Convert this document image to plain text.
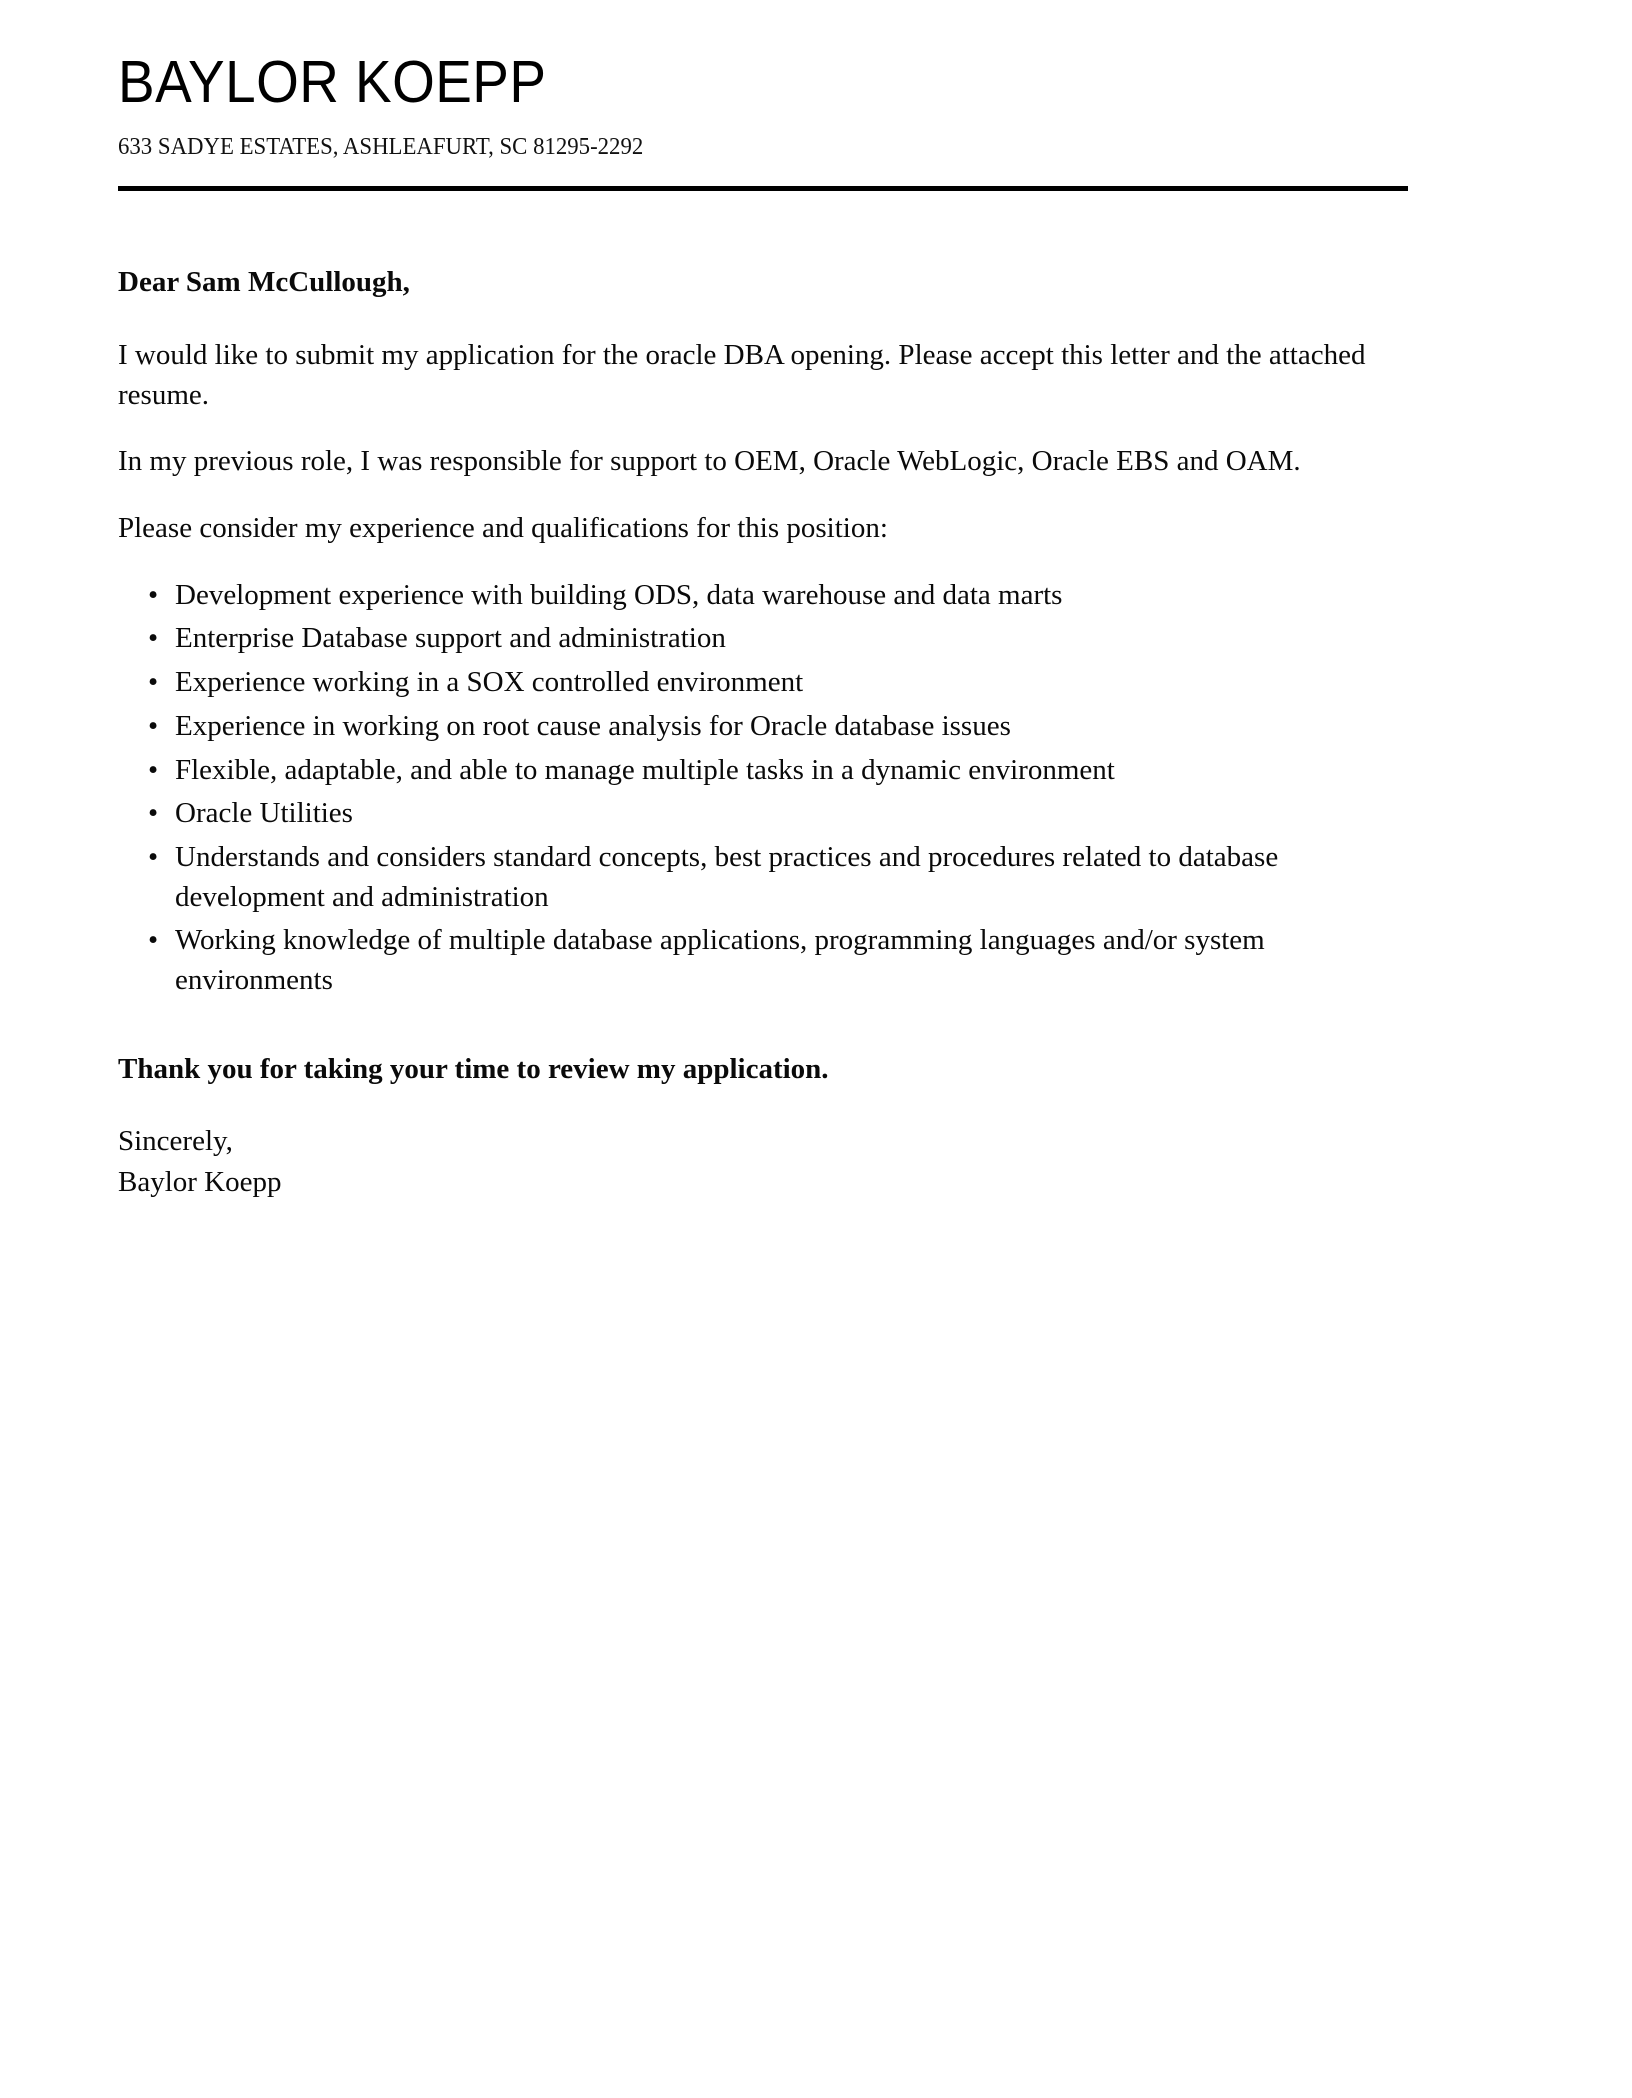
BAYLOR KOEPP
633 SADYE ESTATES, ASHLEAFURT, SC 81295-2292

Dear Sam McCullough,

I would like to submit my application for the oracle DBA opening. Please accept this letter and the attached resume.

In my previous role, I was responsible for support to OEM, Oracle WebLogic, Oracle EBS and OAM.

Please consider my experience and qualifications for this position:

• Development experience with building ODS, data warehouse and data marts
• Enterprise Database support and administration
• Experience working in a SOX controlled environment
• Experience in working on root cause analysis for Oracle database issues
• Flexible, adaptable, and able to manage multiple tasks in a dynamic environment
• Oracle Utilities
• Understands and considers standard concepts, best practices and procedures related to database development and administration
• Working knowledge of multiple database applications, programming languages and/or system environments

Thank you for taking your time to review my application.

Sincerely,
Baylor Koepp
